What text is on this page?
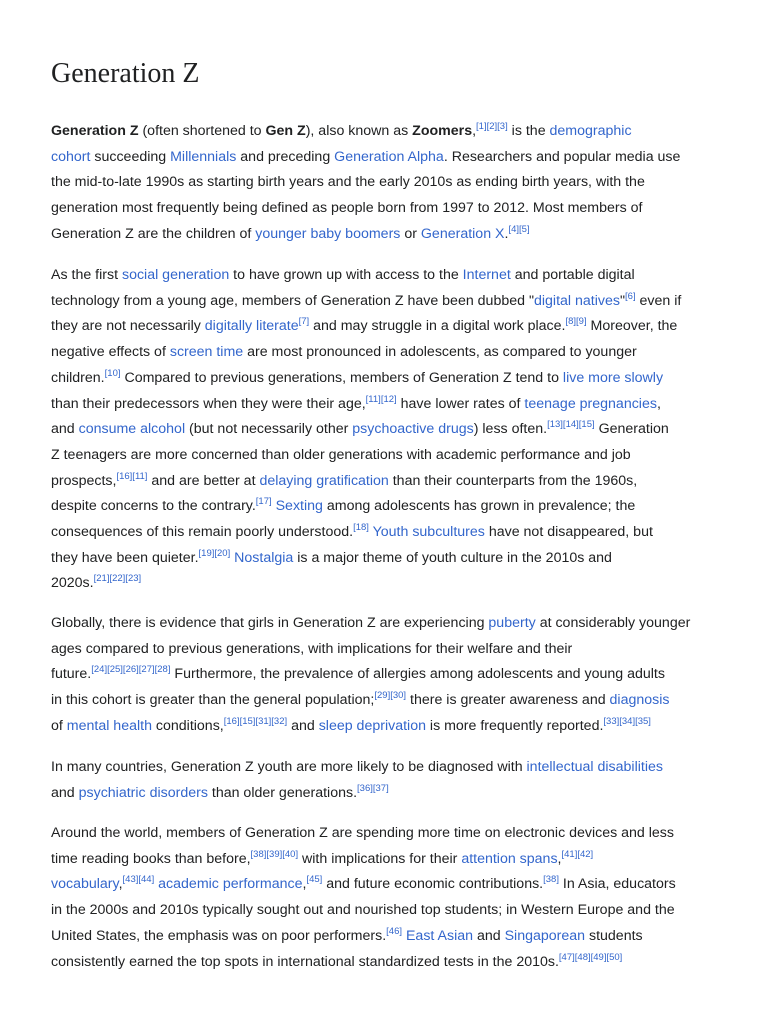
Generation Z
Generation Z (often shortened to Gen Z), also known as Zoomers,[1][2][3] is the demographic
cohort succeeding Millennials and preceding Generation Alpha. Researchers and popular media use
the mid-to-late 1990s as starting birth years and the early 2010s as ending birth years, with the
generation most frequently being defined as people born from 1997 to 2012. Most members of
Generation Z are the children of younger baby boomers or Generation X.[4][5]
As the first social generation to have grown up with access to the Internet and portable digital
technology from a young age, members of Generation Z have been dubbed "digital natives"[6] even if
they are not necessarily digitally literate[7] and may struggle in a digital work place.[8][9] Moreover, the
negative effects of screen time are most pronounced in adolescents, as compared to younger
children.[10] Compared to previous generations, members of Generation Z tend to live more slowly
than their predecessors when they were their age,[11][12] have lower rates of teenage pregnancies,
and consume alcohol (but not necessarily other psychoactive drugs) less often.[13][14][15] Generation
Z teenagers are more concerned than older generations with academic performance and job
prospects,[16][11] and are better at delaying gratification than their counterparts from the 1960s,
despite concerns to the contrary.[17] Sexting among adolescents has grown in prevalence; the
consequences of this remain poorly understood.[18] Youth subcultures have not disappeared, but
they have been quieter.[19][20] Nostalgia is a major theme of youth culture in the 2010s and
2020s.[21][22][23]
Globally, there is evidence that girls in Generation Z are experiencing puberty at considerably younger
ages compared to previous generations, with implications for their welfare and their
future.[24][25][26][27][28] Furthermore, the prevalence of allergies among adolescents and young adults
in this cohort is greater than the general population;[29][30] there is greater awareness and diagnosis
of mental health conditions,[16][15][31][32] and sleep deprivation is more frequently reported.[33][34][35]
In many countries, Generation Z youth are more likely to be diagnosed with intellectual disabilities
and psychiatric disorders than older generations.[36][37]
Around the world, members of Generation Z are spending more time on electronic devices and less
time reading books than before,[38][39][40] with implications for their attention spans,[41][42]
vocabulary,[43][44] academic performance,[45] and future economic contributions.[38] In Asia, educators
in the 2000s and 2010s typically sought out and nourished top students; in Western Europe and the
United States, the emphasis was on poor performers.[46] East Asian and Singaporean students
consistently earned the top spots in international standardized tests in the 2010s.[47][48][49][50]
